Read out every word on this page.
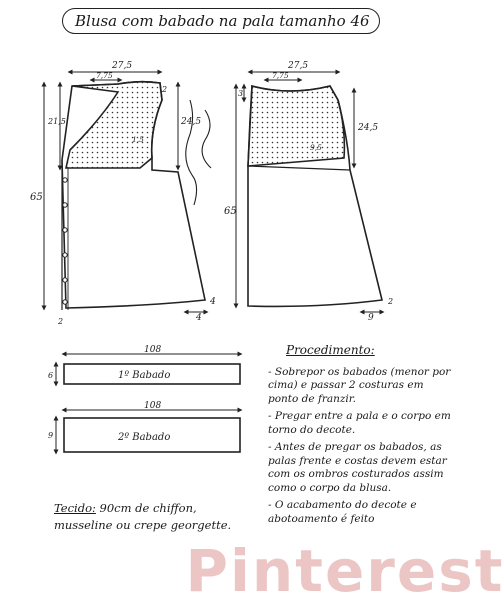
Blusa com babado na pala tamanho 46
27,5
7,75
2
21,5	24,5
65
1,5
4
4
2
27,5
7,75
3
24,5
9,5
65
9
2
108
6	1º Babado
108
9	2º Babado
Procedimento:

- Sobrepor os babados (menor por cima) e passar 2 costuras em ponto de franzir.

- Pregar entre a pala e o corpo em torno do decote.

- Antes de pregar os babados, as palas frente e costas devem estar com os ombros costurados assim como o corpo da blusa.

- O acabamento do decote e abotoamento é feito

Tecido: 90cm de chiffon, musseline ou crepe georgette.
Pinterest
